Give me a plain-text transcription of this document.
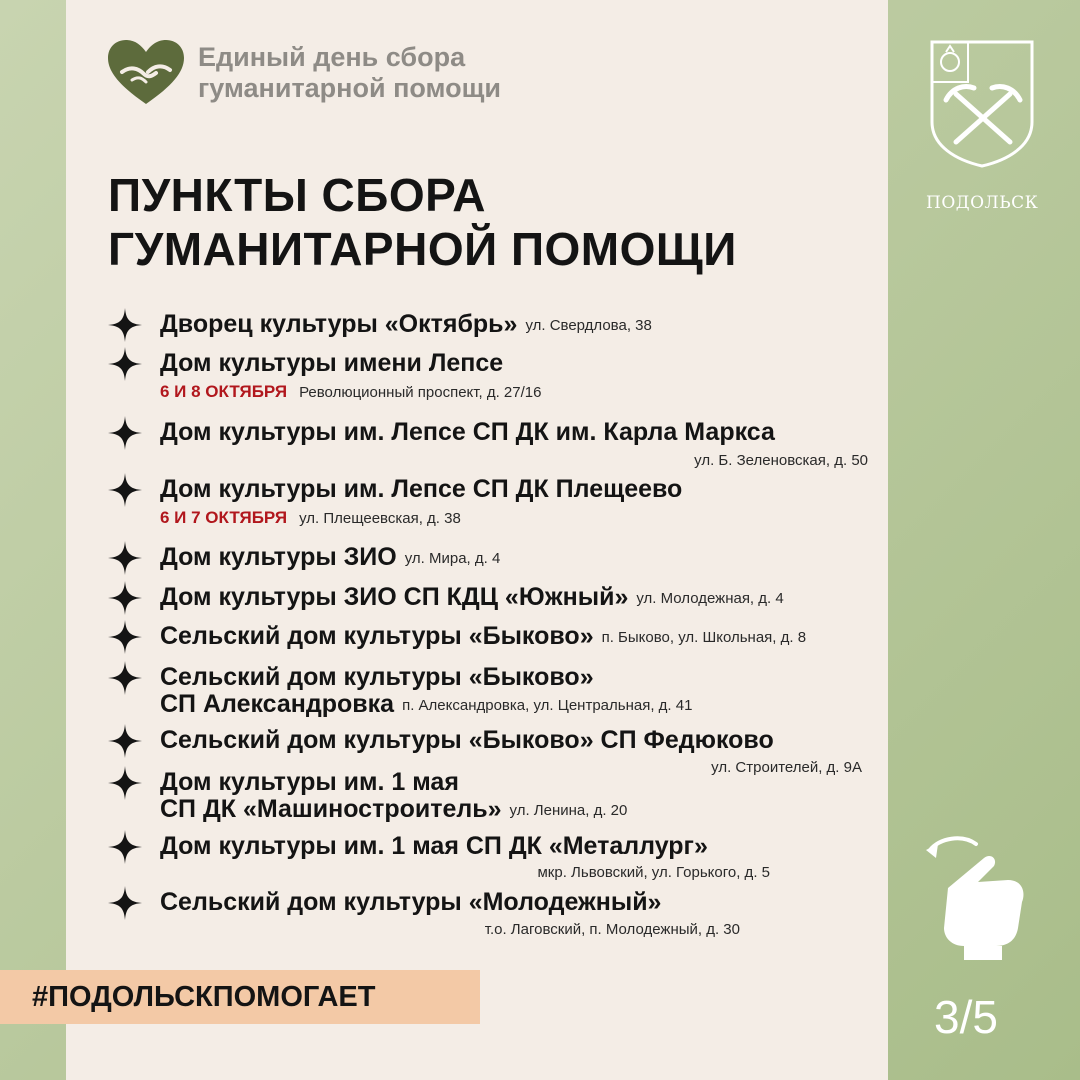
Единый день сбора
гуманитарной помощи
ПУНКТЫ СБОРА
ГУМАНИТАРНОЙ ПОМОЩИ
Дворец культуры «Октябрь» ул. Свердлова, 38
Дом культуры имени Лепсе
6 И 8 ОКТЯБРЯ Революционный проспект, д. 27/16
Дом культуры им. Лепсе СП ДК им. Карла Маркса
ул. Б. Зеленовская, д. 50
Дом культуры им. Лепсе СП ДК Плещеево
6 И 7 ОКТЯБРЯ ул. Плещеевская, д. 38
Дом культуры ЗИО ул. Мира, д. 4
Дом культуры ЗИО СП КДЦ «Южный» ул. Молодежная, д. 4
Сельский дом культуры «Быково» п. Быково, ул. Школьная, д. 8
Сельский дом культуры «Быково»
СП Александровка п. Александровка, ул. Центральная, д. 41
Сельский дом культуры «Быково» СП Федюково
ул. Строителей, д. 9А
Дом культуры им. 1 мая
СП ДК «Машиностроитель» ул. Ленина, д. 20
Дом культуры им. 1 мая СП ДК «Металлург»
мкр. Львовский, ул. Горького, д. 5
Сельский дом культуры «Молодежный»
т.о. Лаговский, п. Молодежный, д. 30
#ПОДОЛЬСКПОМОГАЕТ
ПОДОЛЬСК
3/5
